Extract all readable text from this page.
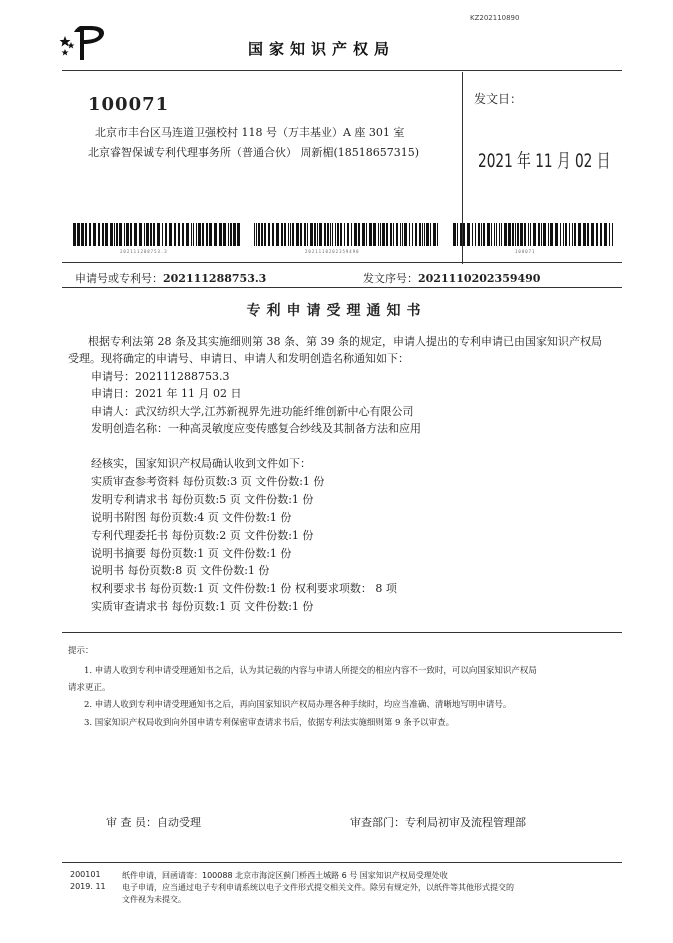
KZ202110890
国家知识产权局
100071
北京市丰台区马连道卫强校村 118 号（万丰基业）A 座 301 室
北京睿智保诚专利代理事务所（普通合伙） 周新楣(18518657315)
发文日：
2021 年 11 月 02 日
202111288753.3	2021110202359490	100071
申请号或专利号：202111288753.3	发文序号：2021110202359490
专利申请受理通知书
根据专利法第 28 条及其实施细则第 38 条、第 39 条的规定，申请人提出的专利申请已由国家知识产权局
受理。现将确定的申请号、申请日、申请人和发明创造名称通知如下：
申请号：202111288753.3
申请日：2021 年 11 月 02 日
申请人：武汉纺织大学,江苏新视界先进功能纤维创新中心有限公司
发明创造名称：一种高灵敏度应变传感复合纱线及其制备方法和应用
经核实，国家知识产权局确认收到文件如下：
实质审查参考资料 每份页数:3 页 文件份数:1 份
发明专利请求书 每份页数:5 页 文件份数:1 份
说明书附图 每份页数:4 页 文件份数:1 份
专利代理委托书 每份页数:2 页 文件份数:1 份
说明书摘要 每份页数:1 页 文件份数:1 份
说明书 每份页数:8 页 文件份数:1 份
权利要求书 每份页数:1 页 文件份数:1 份 权利要求项数： 8 项
实质审查请求书 每份页数:1 页 文件份数:1 份
提示：
1. 申请人收到专利申请受理通知书之后，认为其记载的内容与申请人所提交的相应内容不一致时，可以向国家知识产权局
请求更正。
2. 申请人收到专利申请受理通知书之后，再向国家知识产权局办理各种手续时，均应当准确、清晰地写明申请号。
3. 国家知识产权局收到向外国申请专利保密审查请求书后，依据专利法实施细则第 9 条予以审查。
审 查 员：自动受理	审查部门：专利局初审及流程管理部
200101
2019. 11
纸件申请，回函请寄：100088 北京市海淀区蓟门桥西土城路 6 号 国家知识产权局受理处收
电子申请，应当通过电子专利申请系统以电子文件形式提交相关文件。除另有规定外，以纸件等其他形式提交的
文件视为未提交。
